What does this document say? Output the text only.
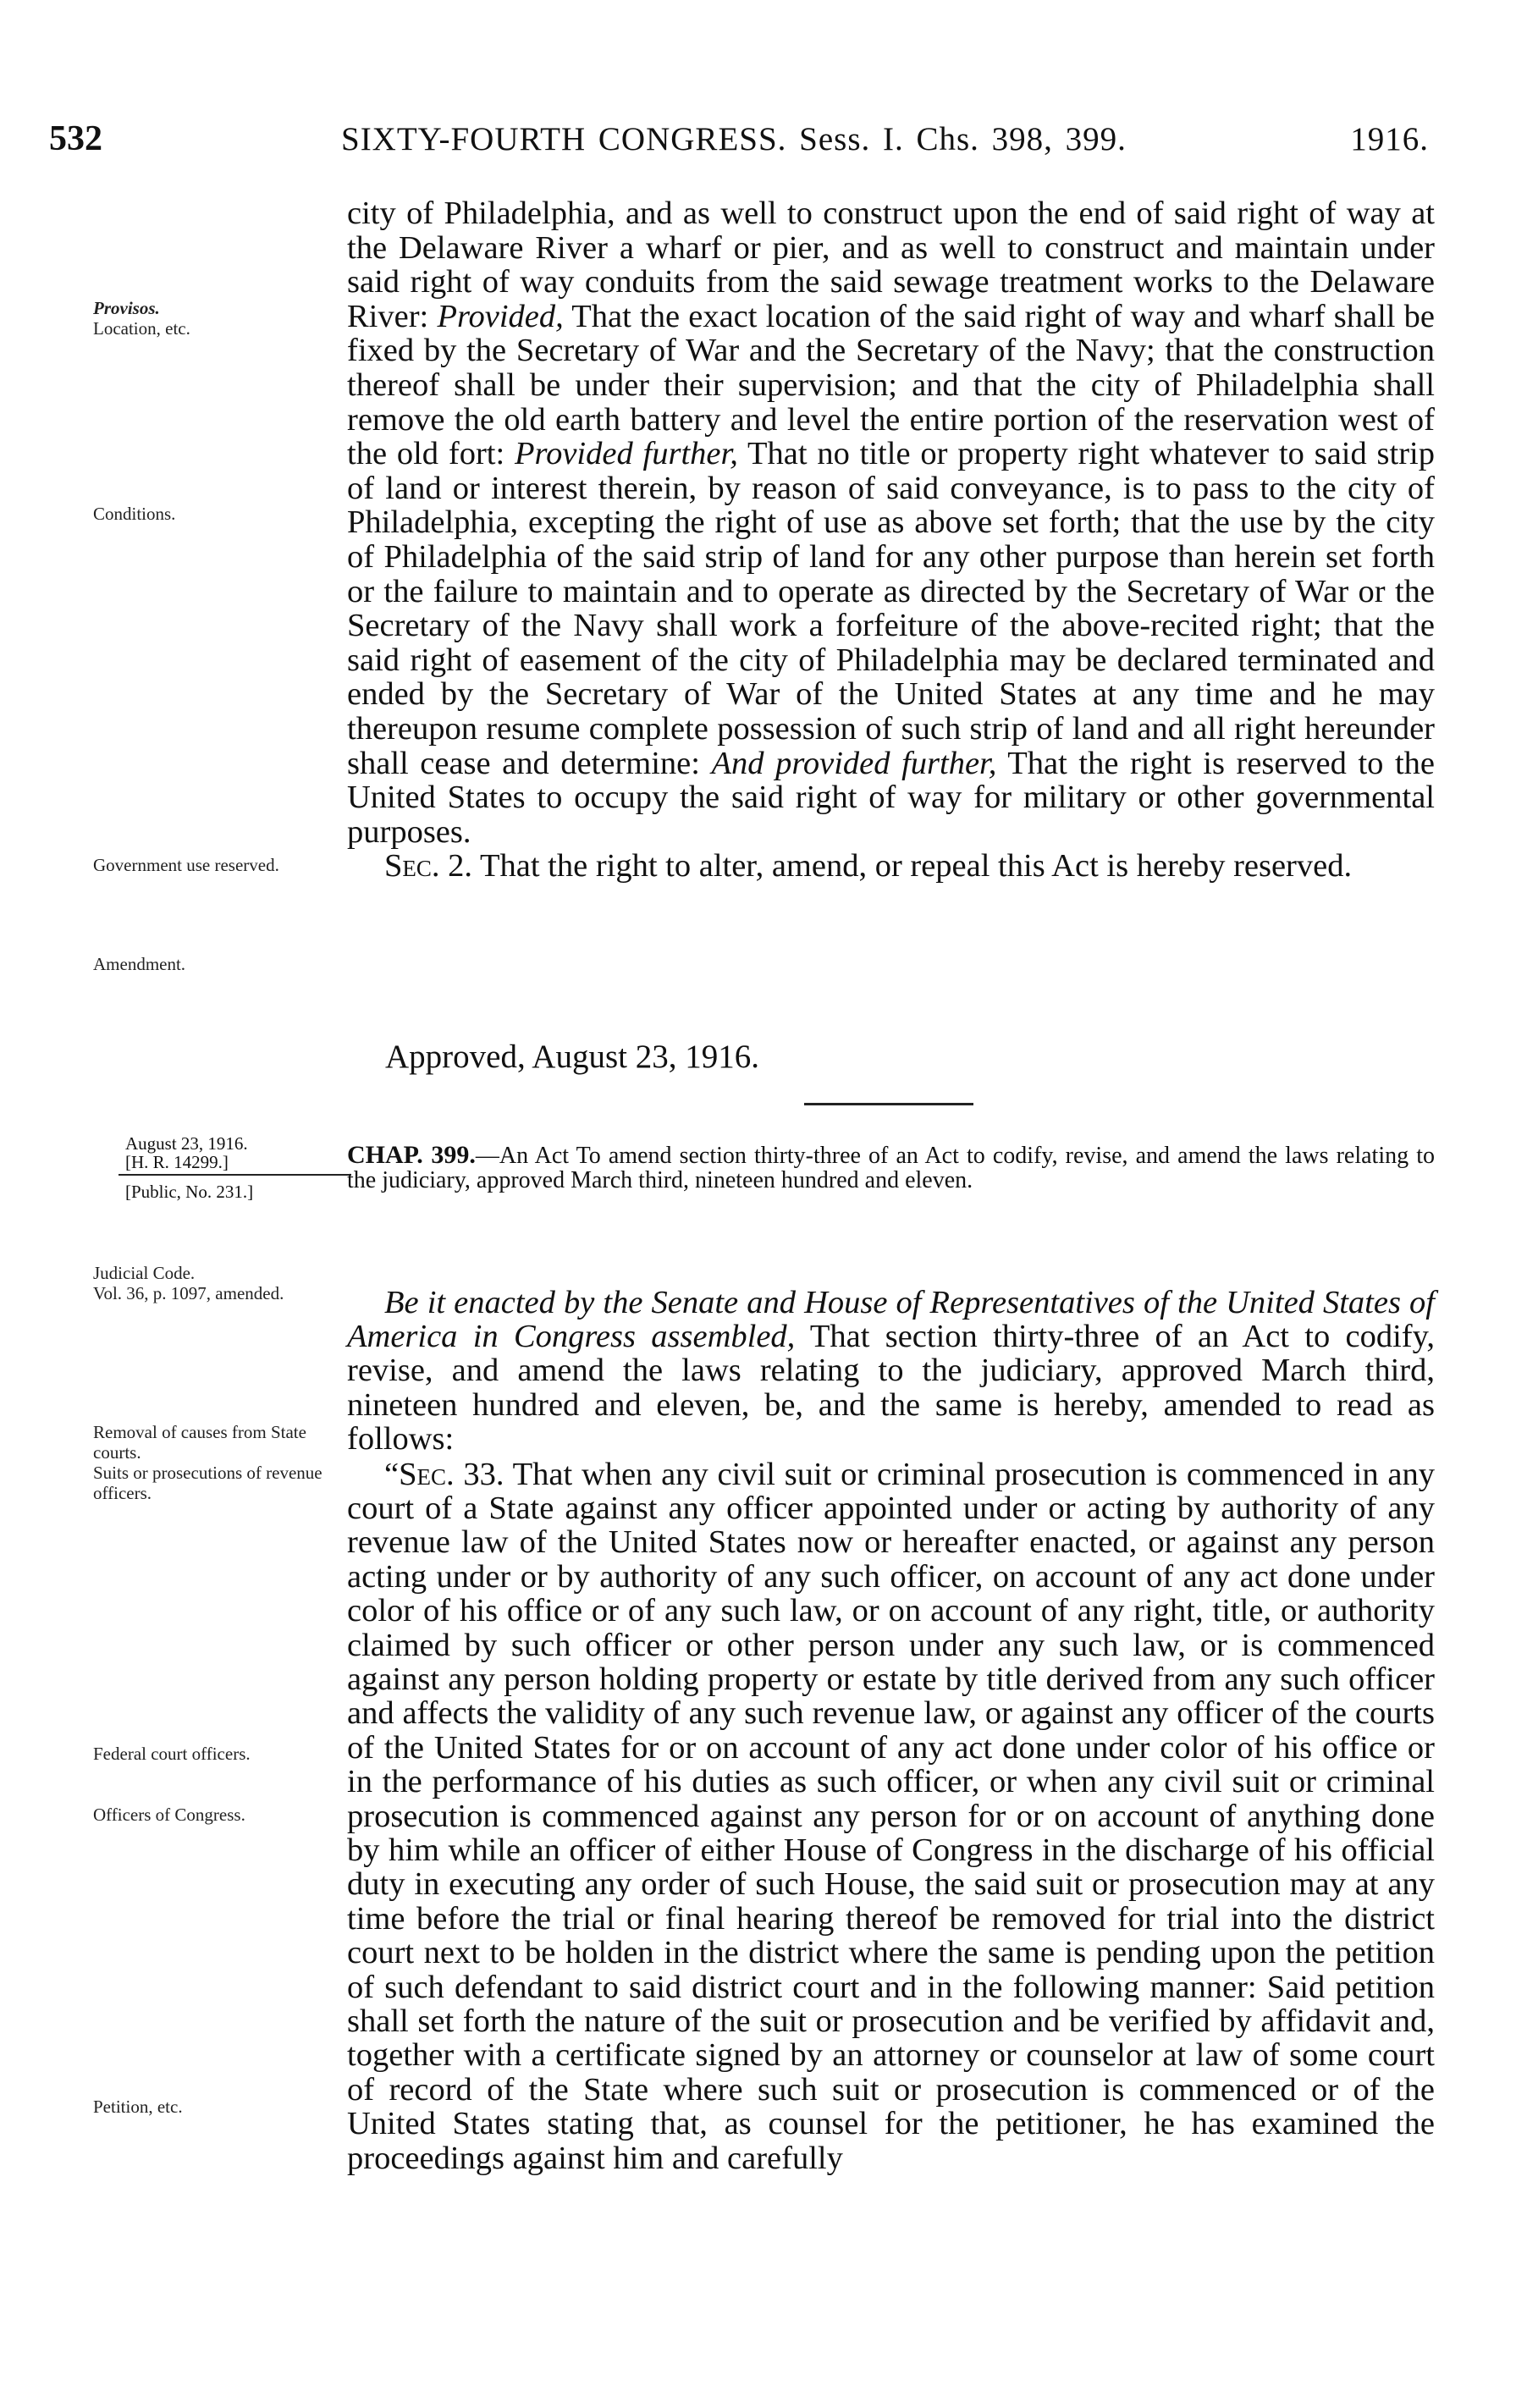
532	SIXTY-FOURTH CONGRESS. Sess. I. Chs. 398, 399.	1916.
Provisos.
Location, etc.
Conditions.
Government use reserved.
Amendment.
August 23, 1916.
[H. R. 14299.]
[Public, No. 231.]
Judicial Code.
Vol. 36, p. 1097, amended.
Removal of causes from State courts.
Suits or prosecutions of revenue officers.
Federal court officers.
Officers of Congress.
Petition, etc.

city of Philadelphia, and as well to construct upon the end of said right of way at the Delaware River a wharf or pier, and as well to construct and maintain under said right of way conduits from the said sewage treatment works to the Delaware River: Provided, That the exact location of the said right of way and wharf shall be fixed by the Secretary of War and the Secretary of the Navy; that the construction thereof shall be under their supervision; and that the city of Philadelphia shall remove the old earth battery and level the entire portion of the reservation west of the old fort: Provided further, That no title or property right whatever to said strip of land or interest therein, by reason of said conveyance, is to pass to the city of Philadelphia, excepting the right of use as above set forth; that the use by the city of Philadelphia of the said strip of land for any other purpose than herein set forth or the failure to maintain and to operate as directed by the Secretary of War or the Secretary of the Navy shall work a forfeiture of the above-recited right; that the said right of easement of the city of Philadelphia may be declared terminated and ended by the Secretary of War of the United States at any time and he may thereupon resume complete possession of such strip of land and all right hereunder shall cease and determine: And provided further, That the right is reserved to the United States to occupy the said right of way for military or other governmental purposes.

Sec. 2. That the right to alter, amend, or repeal this Act is hereby reserved.

Approved, August 23, 1916.
CHAP. 399.—An Act To amend section thirty-three of an Act to codify, revise, and amend the laws relating to the judiciary, approved March third, nineteen hundred and eleven.

Be it enacted by the Senate and House of Representatives of the United States of America in Congress assembled, That section thirty-three of an Act to codify, revise, and amend the laws relating to the judiciary, approved March third, nineteen hundred and eleven, be, and the same is hereby, amended to read as follows:

“Sec. 33. That when any civil suit or criminal prosecution is commenced in any court of a State against any officer appointed under or acting by authority of any revenue law of the United States now or hereafter enacted, or against any person acting under or by authority of any such officer, on account of any act done under color of his office or of any such law, or on account of any right, title, or authority claimed by such officer or other person under any such law, or is commenced against any person holding property or estate by title derived from any such officer and affects the validity of any such revenue law, or against any officer of the courts of the United States for or on account of any act done under color of his office or in the performance of his duties as such officer, or when any civil suit or criminal prosecution is commenced against any person for or on account of anything done by him while an officer of either House of Congress in the discharge of his official duty in executing any order of such House, the said suit or prosecution may at any time before the trial or final hearing thereof be removed for trial into the district court next to be holden in the district where the same is pending upon the petition of such defendant to said district court and in the following manner: Said petition shall set forth the nature of the suit or prosecution and be verified by affidavit and, together with a certificate signed by an attorney or counselor at law of some court of record of the State where such suit or prosecution is commenced or of the United States stating that, as counsel for the petitioner, he has examined the proceedings against him and carefully
